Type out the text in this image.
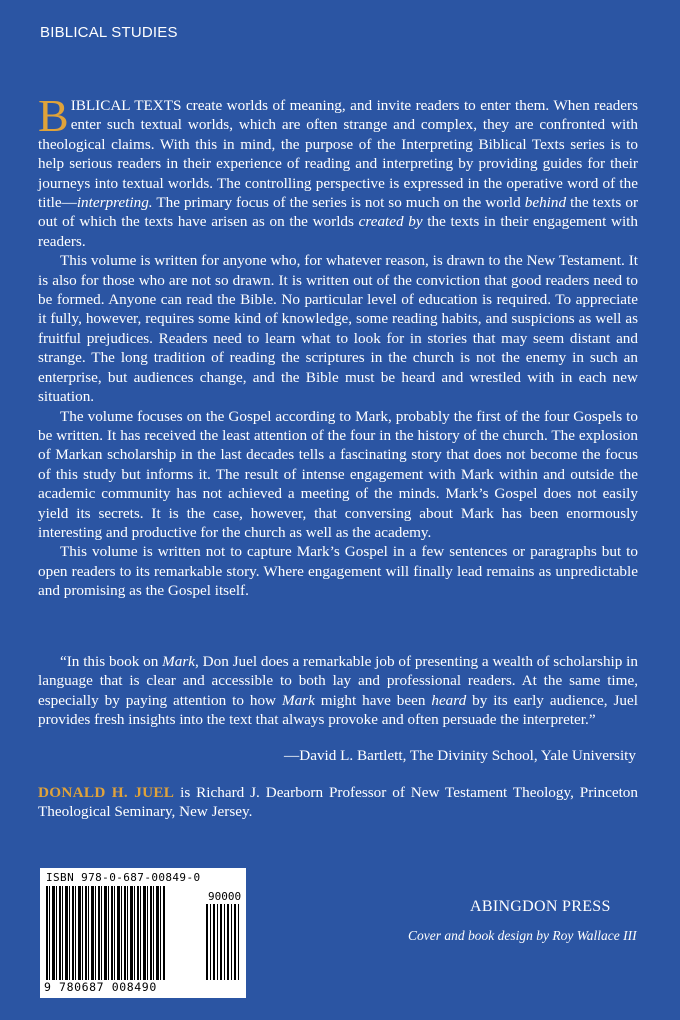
BIBLICAL STUDIES

BIBLICAL TEXTS create worlds of meaning, and invite readers to enter them. When readers enter such textual worlds, which are often strange and complex, they are confronted with theological claims. With this in mind, the purpose of the Interpreting Biblical Texts series is to help serious readers in their experience of reading and interpreting by providing guides for their journeys into textual worlds. The controlling perspective is expressed in the operative word of the title—interpreting. The primary focus of the series is not so much on the world behind the texts or out of which the texts have arisen as on the worlds created by the texts in their engagement with readers.

This volume is written for anyone who, for whatever reason, is drawn to the New Testament. It is also for those who are not so drawn. It is written out of the conviction that good readers need to be formed. Anyone can read the Bible. No particular level of education is required. To appreciate it fully, however, requires some kind of knowledge, some reading habits, and suspicions as well as fruitful prejudices. Readers need to learn what to look for in stories that may seem distant and strange. The long tradition of reading the scriptures in the church is not the enemy in such an enterprise, but audiences change, and the Bible must be heard and wrestled with in each new situation.

The volume focuses on the Gospel according to Mark, probably the first of the four Gospels to be written. It has received the least attention of the four in the history of the church. The explosion of Markan scholarship in the last decades tells a fascinating story that does not become the focus of this study but informs it. The result of intense engagement with Mark within and outside the academic community has not achieved a meeting of the minds. Mark’s Gospel does not easily yield its secrets. It is the case, however, that conversing about Mark has been enormously interesting and productive for the church as well as the academy.

This volume is written not to capture Mark’s Gospel in a few sentences or paragraphs but to open readers to its remarkable story. Where engagement will finally lead remains as unpredictable and promising as the Gospel itself.

“In this book on Mark, Don Juel does a remarkable job of presenting a wealth of scholarship in language that is clear and accessible to both lay and professional readers. At the same time, especially by paying attention to how Mark might have been heard by its early audience, Juel provides fresh insights into the text that always provoke and often persuade the interpreter.”

—David L. Bartlett, The Divinity School, Yale University
DONALD H. JUEL is Richard J. Dearborn Professor of New Testament Theology, Princeton Theological Seminary, New Jersey.
ISBN 978-0-687-00849-0
90000
9 780687 008490
ABINGDON PRESS
Cover and book design by Roy Wallace III
